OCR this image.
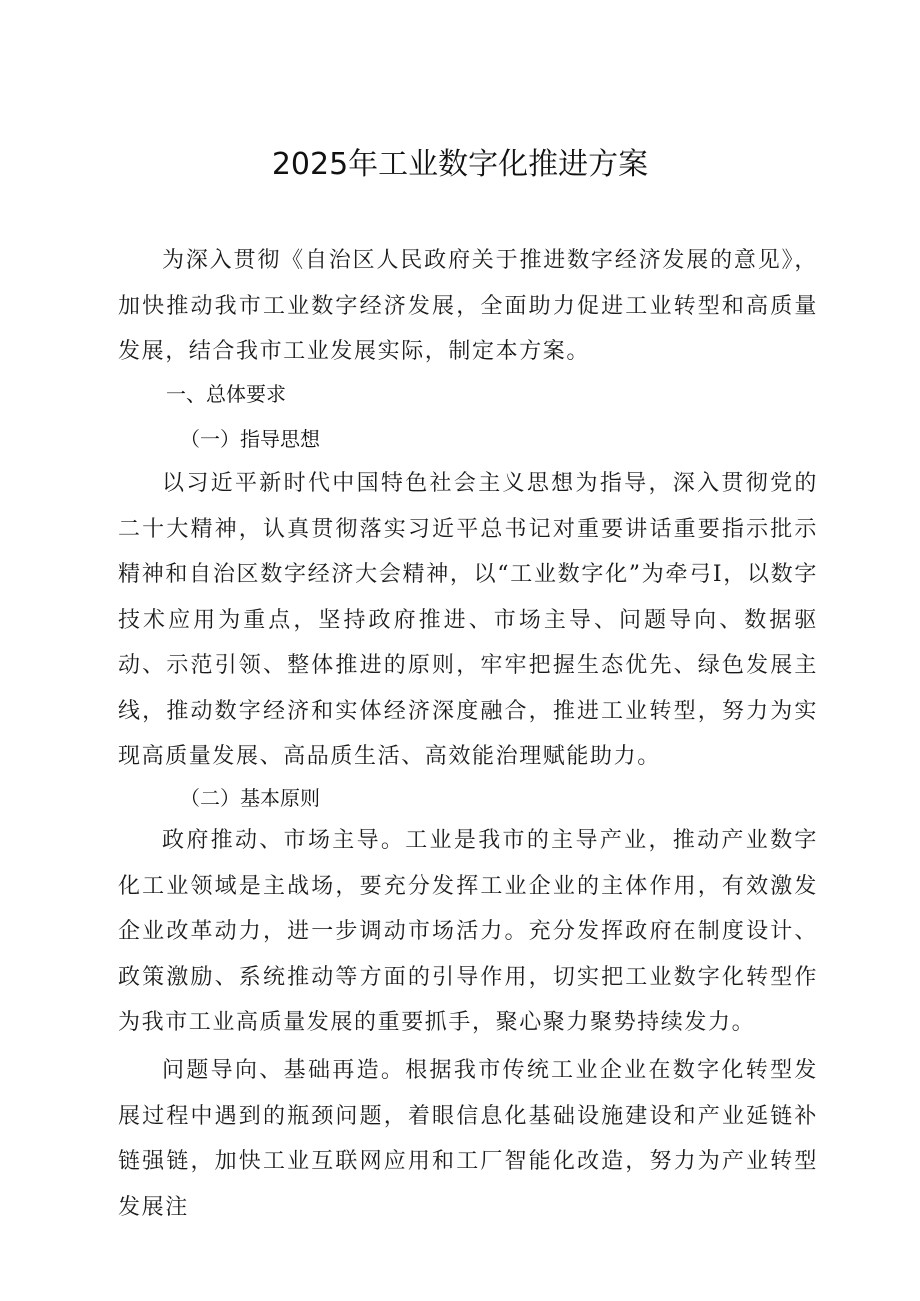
2025年工业数字化推进方案

为深入贯彻《自治区人民政府关于推进数字经济发展的意见》，加快推动我市工业数字经济发展，全面助力促进工业转型和高质量发展，结合我市工业发展实际，制定本方案。

一、总体要求

（一）指导思想

以习近平新时代中国特色社会主义思想为指导，深入贯彻党的二十大精神，认真贯彻落实习近平总书记对重要讲话重要指示批示精神和自治区数字经济大会精神，以“工业数字化”为牵弓I，以数字技术应用为重点，坚持政府推进、市场主导、问题导向、数据驱动、示范引领、整体推进的原则，牢牢把握生态优先、绿色发展主线，推动数字经济和实体经济深度融合，推进工业转型，努力为实现高质量发展、高品质生活、高效能治理赋能助力。

（二）基本原则

政府推动、市场主导。工业是我市的主导产业，推动产业数字化工业领域是主战场，要充分发挥工业企业的主体作用，有效激发企业改革动力，进一步调动市场活力。充分发挥政府在制度设计、政策激励、系统推动等方面的引导作用，切实把工业数字化转型作为我市工业高质量发展的重要抓手，聚心聚力聚势持续发力。

问题导向、基础再造。根据我市传统工业企业在数字化转型发展过程中遇到的瓶颈问题，着眼信息化基础设施建设和产业延链补链强链，加快工业互联网应用和工厂智能化改造，努力为产业转型发展注
